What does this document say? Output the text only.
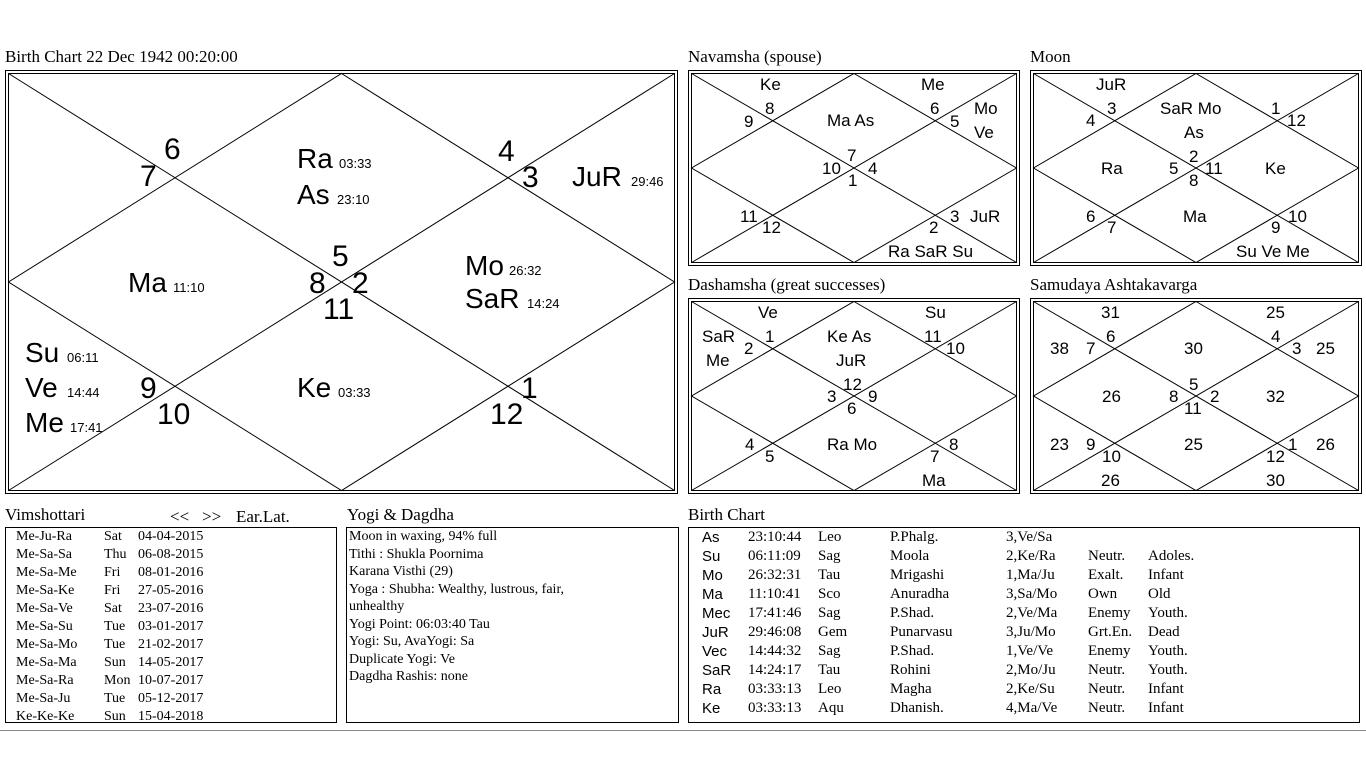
Birth Chart 22 Dec 1942 00:20:00
6
7
4
3
5
8 2
11
9
10
1
12
Ra 03:33
As 23:10
JuR 29:46
Ma 11:10
Mo 26:32
SaR 14:24
Su 06:11
Ve 14:44
Me 17:41
Ke 03:33
Navamsha (spouse)
Ke
8
9
Me
6
5
Mo
Ve
Ma As
7
10 4
1
11
12	2
3 JuR
Ra SaR Su
Moon
JuR
3
4
SaR Mo
As
1
12
Ra	5
2
11
8
Ke
6
7
Ma
9
10
Su Ve Me
Dashamsha (great successes)
Ve
SaR
Me
1
2
Ke As
JuR
Su
11
10
12
3 9
6
4
5
Ra Mo	8
7
Ma
Samudaya Ashtakavarga
31	25
38 7
6
30
4
3 25
26
5
8 2
11
32
23 9
10
25	1 26
12
26	30
Vimshottari	<< >> Ear.Lat.
Me-Ju-Ra	Sat	04-04-2015
Me-Sa-Sa	Thu 06-08-2015
Me-Sa-Me	Fri	08-01-2016
Me-Sa-Ke	Fri	27-05-2016
Me-Sa-Ve	Sat	23-07-2016
Me-Sa-Su	Tue 03-01-2017
Me-Sa-Mo	Tue 21-02-2017
Me-Sa-Ma	Sun 14-05-2017
Me-Sa-Ra	Mon 10-07-2017
Me-Sa-Ju	Tue 05-12-2017
Ke-Ke-Ke	Sun 15-04-2018
Yogi & Dagdha
Moon in waxing, 94% full
Tithi : Shukla Poornima
Karana Visthi (29)
Yoga : Shubha: Wealthy, lustrous, fair,
unhealthy
Yogi Point: 06:03:40 Tau
Yogi: Su, AvaYogi: Sa
Duplicate Yogi: Ve
Dagdha Rashis: none
Birth Chart
As	23:10:44	Leo	P.Phalg.	3,Ve/Sa
Su	06:11:09	Sag	Moola	2,Ke/Ra	Neutr.	Adoles.
Mo	26:32:31	Tau	Mrigashi	1,Ma/Ju	Exalt.	Infant
Ma	11:10:41	Sco	Anuradha	3,Sa/Mo	Own	Old
Mec	17:41:46	Sag	P.Shad.	2,Ve/Ma	Enemy	Youth.
JuR	29:46:08	Gem	Punarvasu	3,Ju/Mo	Grt.En.	Dead
Vec	14:44:32	Sag	P.Shad.	1,Ve/Ve	Enemy	Youth.
SaR	14:24:17	Tau	Rohini	2,Mo/Ju	Neutr.	Youth.
Ra	03:33:13	Leo	Magha	2,Ke/Su	Neutr.	Infant
Ke	03:33:13	Aqu	Dhanish.	4,Ma/Ve	Neutr.	Infant
